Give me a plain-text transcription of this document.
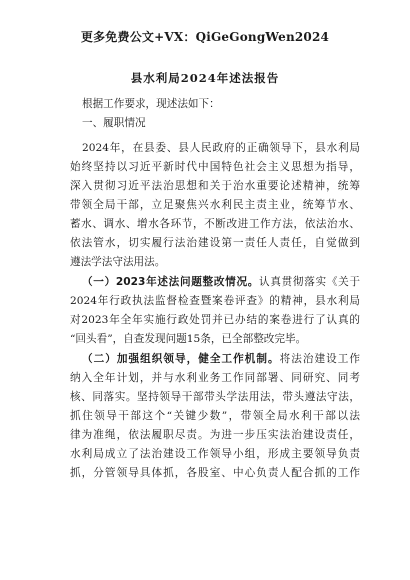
更多免费公文+VX：QiGeGongWen2024
县水利局2024年述法报告
根据工作要求，现述法如下：
一、履职情况
2024年，在县委、县人民政府的正确领导下，县水利局
始终坚持以习近平新时代中国特色社会主义思想为指导，
深入贯彻习近平法治思想和关于治水重要论述精神，统筹
带领全局干部，立足聚焦兴水利民主责主业，统筹节水、
蓄水、调水、增水各环节，不断改进工作方法，依法治水、
依法管水，切实履行法治建设第一责任人责任，自觉做到
遵法学法守法用法。
（一）2023年述法问题整改情况。认真贯彻落实《关于
2024年行政执法监督检查暨案卷评查》的精神，县水利局
对2023年全年实施行政处罚并已办结的案卷进行了认真的
“回头看”，自查发现问题15条，已全部整改完毕。
（二）加强组织领导，健全工作机制。将法治建设工作
纳入全年计划，并与水利业务工作同部署、同研究、同考
核、同落实。坚持领导干部带头学法用法，带头遵法守法，
抓住领导干部这个“关键少数”，带领全局水利干部以法
律为准绳，依法履职尽责。为进一步压实法治建设责任，
水利局成立了法治建设工作领导小组，形成主要领导负责
抓，分管领导具体抓，各股室、中心负责人配合抓的工作
